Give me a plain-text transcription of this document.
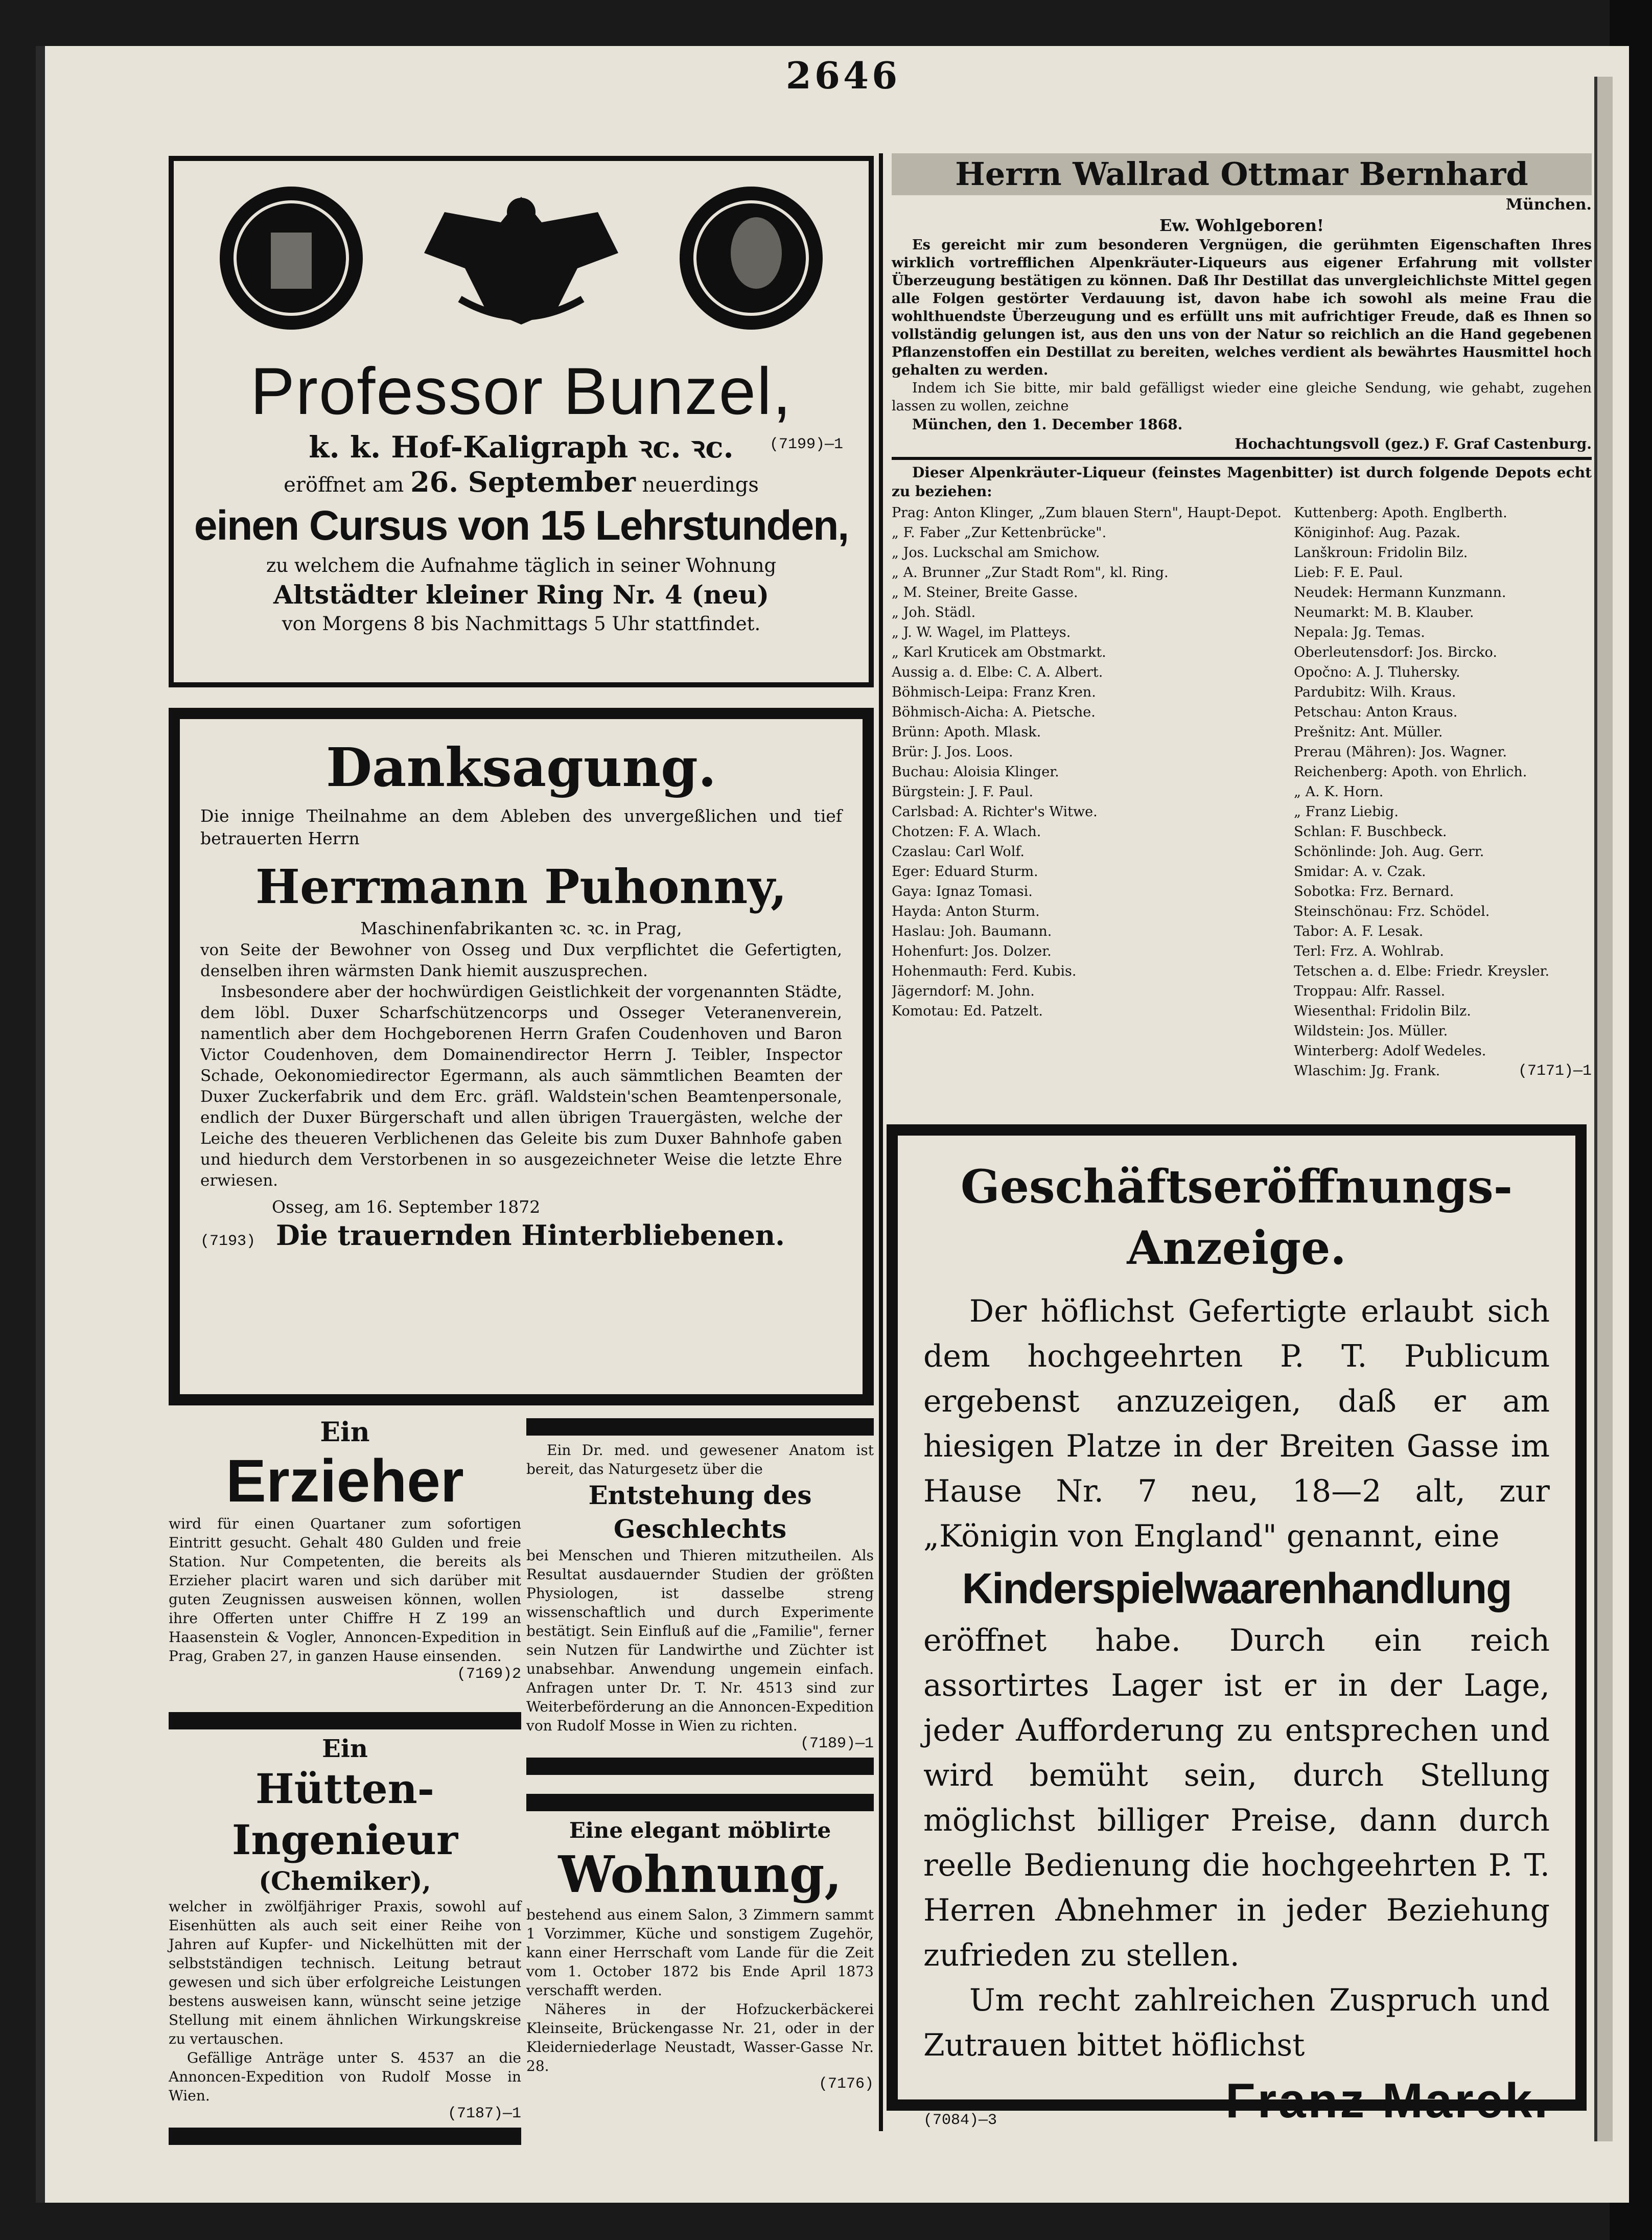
2646
Professor Bunzel,
k. k. Hof-Kaligraph ꝛc. ꝛc.	(7199)—1
eröffnet am 26. September neuerdings
einen Cursus von 15 Lehrstunden,
zu welchem die Aufnahme täglich in seiner Wohnung
Altstädter kleiner Ring Nr. 4 (neu)
von Morgens 8 bis Nachmittags 5 Uhr stattfindet.
Danksagung.

Die innige Theilnahme an dem Ableben des unvergeßlichen und tief betrauerten Herrn

Herrmann Puhonny,
Maschinenfabrikanten ꝛc. ꝛc. in Prag,

von Seite der Bewohner von Osseg und Dux verpflichtet die Gefertigten, denselben ihren wärmsten Dank hiemit auszusprechen.

Insbesondere aber der hochwürdigen Geistlichkeit der vorgenannten Städte, dem löbl. Duxer Scharfschützencorps und Osseger Veteranenverein, namentlich aber dem Hochgeborenen Herrn Grafen Coudenhoven und Baron Victor Coudenhoven, dem Domainendirector Herrn J. Teibler, Inspector Schade, Oekonomiedirector Egermann, als auch sämmtlichen Beamten der Duxer Zuckerfabrik und dem Erc. gräfl. Waldstein'schen Beamtenpersonale, endlich der Duxer Bürgerschaft und allen übrigen Trauergästen, welche der Leiche des theueren Verblichenen das Geleite bis zum Duxer Bahnhofe gaben und hiedurch dem Verstorbenen in so ausgezeichneter Weise die letzte Ehre erwiesen.

Osseg, am 16. September 1872

(7193) Die trauernden Hinterbliebenen.
Ein
Erzieher

wird für einen Quartaner zum sofortigen Eintritt gesucht. Gehalt 480 Gulden und freie Station. Nur Competenten, die bereits als Erzieher placirt waren und sich darüber mit guten Zeugnissen ausweisen können, wollen ihre Offerten unter Chiffre H Z 199 an Haasenstein & Vogler, Annoncen-Expedition in Prag, Graben 27, in ganzen Hause einsenden.

(7169)2
Ein
Hütten-Ingenieur
(Chemiker),

welcher in zwölfjähriger Praxis, sowohl auf Eisenhütten als auch seit einer Reihe von Jahren auf Kupfer- und Nickelhütten mit der selbstständigen technisch. Leitung betraut gewesen und sich über erfolgreiche Leistungen bestens ausweisen kann, wünscht seine jetzige Stellung mit einem ähnlichen Wirkungskreise zu vertauschen.

Gefällige Anträge unter S. 4537 an die Annoncen-Expedition von Rudolf Mosse in Wien.

(7187)—1

Ein Dr. med. und gewesener Anatom ist bereit, das Naturgesetz über die

Entstehung des Geschlechts

bei Menschen und Thieren mitzutheilen. Als Resultat ausdauernder Studien der größten Physiologen, ist dasselbe streng wissenschaftlich und durch Experimente bestätigt. Sein Einfluß auf die „Familie", ferner sein Nutzen für Landwirthe und Züchter ist unabsehbar. Anwendung ungemein einfach. Anfragen unter Dr. T. Nr. 4513 sind zur Weiterbeförderung an die Annoncen-Expedition von Rudolf Mosse in Wien zu richten.

(7189)—1
Eine elegant möblirte
Wohnung,

bestehend aus einem Salon, 3 Zimmern sammt 1 Vorzimmer, Küche und sonstigem Zugehör, kann einer Herrschaft vom Lande für die Zeit vom 1. October 1872 bis Ende April 1873 verschafft werden.

Näheres in der Hofzuckerbäckerei Kleinseite, Brückengasse Nr. 21, oder in der Kleiderniederlage Neustadt, Wasser-Gasse Nr. 28.

(7176)
Herrn Wallrad Ottmar Bernhard
München.
Ew. Wohlgeboren!

Es gereicht mir zum besonderen Vergnügen, die gerühmten Eigenschaften Ihres wirklich vortrefflichen Alpenkräuter-Liqueurs aus eigener Erfahrung mit vollster Überzeugung bestätigen zu können. Daß Ihr Destillat das unvergleichlichste Mittel gegen alle Folgen gestörter Verdauung ist, davon habe ich sowohl als meine Frau die wohlthuendste Überzeugung und es erfüllt uns mit aufrichtiger Freude, daß es Ihnen so vollständig gelungen ist, aus den uns von der Natur so reichlich an die Hand gegebenen Pflanzenstoffen ein Destillat zu bereiten, welches verdient als bewährtes Hausmittel hoch gehalten zu werden.

Indem ich Sie bitte, mir bald gefälligst wieder eine gleiche Sendung, wie gehabt, zugehen lassen zu wollen, zeichne

München, den 1. December 1868.

Hochachtungsvoll (gez.) F. Graf Castenburg.

Dieser Alpenkräuter-Liqueur (feinstes Magenbitter) ist durch folgende Depots echt zu beziehen:

Prag: Anton Klinger, „Zum blauen Stern", Haupt-Depot.
„ F. Faber „Zur Kettenbrücke".
„ Jos. Luckschal am Smichow.
„ A. Brunner „Zur Stadt Rom", kl. Ring.
„ M. Steiner, Breite Gasse.
„ Joh. Städl.
„ J. W. Wagel, im Platteys.
„ Karl Kruticek am Obstmarkt.
Aussig a. d. Elbe: C. A. Albert.
Böhmisch-Leipa: Franz Kren.
Böhmisch-Aicha: A. Pietsche.
Brünn: Apoth. Mlask.
Brür: J. Jos. Loos.
Buchau: Aloisia Klinger.
Bürgstein: J. F. Paul.
Carlsbad: A. Richter's Witwe.
Chotzen: F. A. Wlach.
Czaslau: Carl Wolf.
Eger: Eduard Sturm.
Gaya: Ignaz Tomasi.
Hayda: Anton Sturm.
Haslau: Joh. Baumann.
Hohenfurt: Jos. Dolzer.
Hohenmauth: Ferd. Kubis.
Jägerndorf: M. John.
Komotau: Ed. Patzelt.
Kuttenberg: Apoth. Englberth.
Königinhof: Aug. Pazak.
Lanškroun: Fridolin Bilz.
Lieb: F. E. Paul.
Neudek: Hermann Kunzmann.
Neumarkt: M. B. Klauber.
Nepala: Jg. Temas.
Oberleutensdorf: Jos. Bircko.
Opočno: A. J. Tluhersky.
Pardubitz: Wilh. Kraus.
Petschau: Anton Kraus.
Prešnitz: Ant. Müller.
Prerau (Mähren): Jos. Wagner.
Reichenberg: Apoth. von Ehrlich.
„ A. K. Horn.
„ Franz Liebig.
Schlan: F. Buschbeck.
Schönlinde: Joh. Aug. Gerr.
Smidar: A. v. Czak.
Sobotka: Frz. Bernard.
Steinschönau: Frz. Schödel.
Tabor: A. F. Lesak.
Terl: Frz. A. Wohlrab.
Tetschen a. d. Elbe: Friedr. Kreysler.
Troppau: Alfr. Rassel.
Wiesenthal: Fridolin Bilz.
Wildstein: Jos. Müller.
Winterberg: Adolf Wedeles.
Wlaschim: Jg. Frank.	(7171)—1
Geschäftseröffnungs-Anzeige.

Der höflichst Gefertigte erlaubt sich dem hochgeehrten P. T. Publicum ergebenst anzuzeigen, daß er am hiesigen Platze in der Breiten Gasse im Hause Nr. 7 neu, 18—2 alt, zur „Königin von England" genannt, eine

Kinderspielwaarenhandlung

eröffnet habe. Durch ein reich assortirtes Lager ist er in der Lage, jeder Aufforderung zu entsprechen und wird bemüht sein, durch Stellung möglichst billiger Preise, dann durch reelle Bedienung die hochgeehrten P. T. Herren Abnehmer in jeder Beziehung zufrieden zu stellen.

Um recht zahlreichen Zuspruch und Zutrauen bittet höflichst

(7084)—3	Franz Marek.
